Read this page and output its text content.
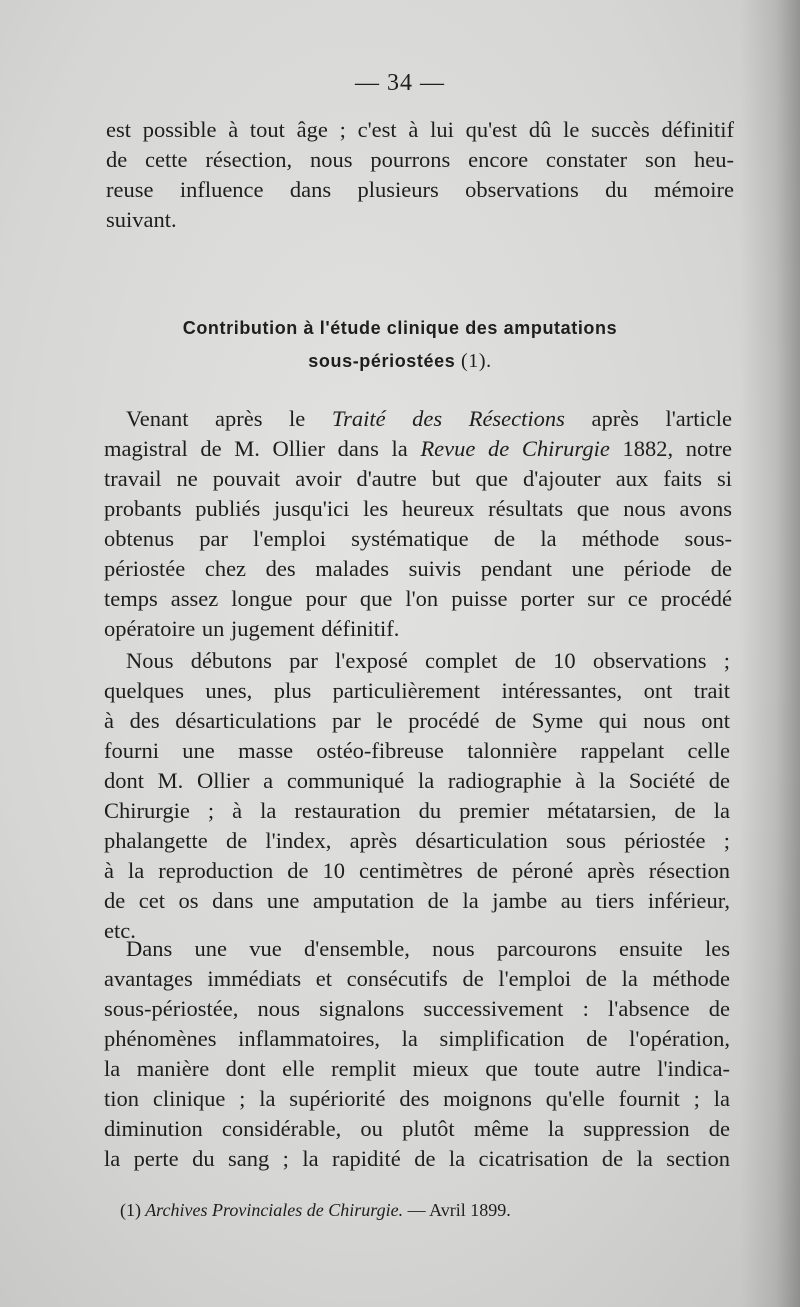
— 34 —
est possible à tout âge ; c'est à lui qu'est dû le succès définitif
de cette résection, nous pourrons encore constater son heu-
reuse influence dans plusieurs observations du mémoire
suivant.
Contribution à l'étude clinique des amputations
sous-périostées (1).
Venant après le Traité des Résections après l'article
magistral de M. Ollier dans la Revue de Chirurgie 1882, notre
travail ne pouvait avoir d'autre but que d'ajouter aux faits si
probants publiés jusqu'ici les heureux résultats que nous avons
obtenus par l'emploi systématique de la méthode sous-
périostée chez des malades suivis pendant une période de
temps assez longue pour que l'on puisse porter sur ce procédé
opératoire un jugement définitif.
Nous débutons par l'exposé complet de 10 observations ;
quelques unes, plus particulièrement intéressantes, ont trait
à des désarticulations par le procédé de Syme qui nous ont
fourni une masse ostéo-fibreuse talonnière rappelant celle
dont M. Ollier a communiqué la radiographie à la Société de
Chirurgie ; à la restauration du premier métatarsien, de la
phalangette de l'index, après désarticulation sous périostée ;
à la reproduction de 10 centimètres de péroné après résection
de cet os dans une amputation de la jambe au tiers inférieur,
etc.
Dans une vue d'ensemble, nous parcourons ensuite les
avantages immédiats et consécutifs de l'emploi de la méthode
sous-périostée, nous signalons successivement : l'absence de
phénomènes inflammatoires, la simplification de l'opération,
la manière dont elle remplit mieux que toute autre l'indica-
tion clinique ; la supériorité des moignons qu'elle fournit ; la
diminution considérable, ou plutôt même la suppression de
la perte du sang ; la rapidité de la cicatrisation de la section
(1) Archives Provinciales de Chirurgie. — Avril 1899.
